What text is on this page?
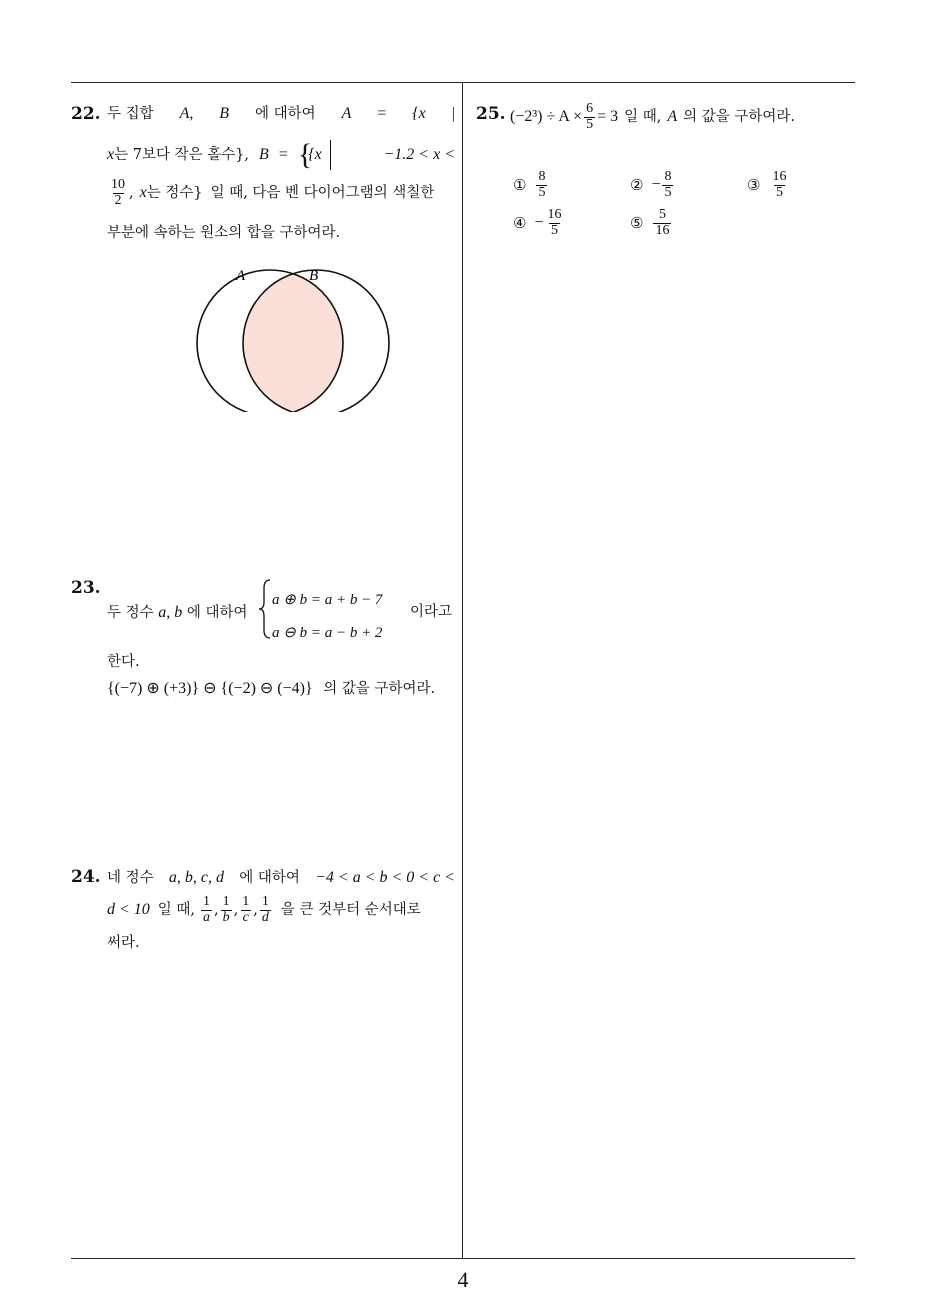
22. 두 집합 A, B 에 대하여 A = {x |
x 는 7보다 작은 홀수}, B = {
{x	−1.2 < x <
$\frac{10}{2}$ , x 는 정수} 일 때, 다음 벤 다이어그램의 색칠한
부분에 속하는 원소의 합을 구하여라.
A	B
23.
두 정수 a, b 에 대하여
a ⊕ b = a + b − 7
a ⊖ b = a − b + 2
이라고
한다.
{(−7) ⊕ (+3)} ⊖ {(−2) ⊖ (−4)} 의 값을 구하여라.
24. 네 정수 a, b, c, d 에 대하여 −4 < a < b < 0 < c <
d < 10 일 때, $\frac{1}{a}$ , $\frac{1}{b}$ , $\frac{1}{c}$ , $\frac{1}{d}$ 을 큰 것부터 순서대로
써라.
25. $(-2^3) \div A \times \frac{6}{5} = 3$ 일 때, A 의 값을 구하여라.
① $\frac{8}{5}$	② − $\frac{8}{5}$	③ $\frac{16}{5}$
④ − $\frac{16}{5}$	⑤ $\frac{5}{16}$
4
